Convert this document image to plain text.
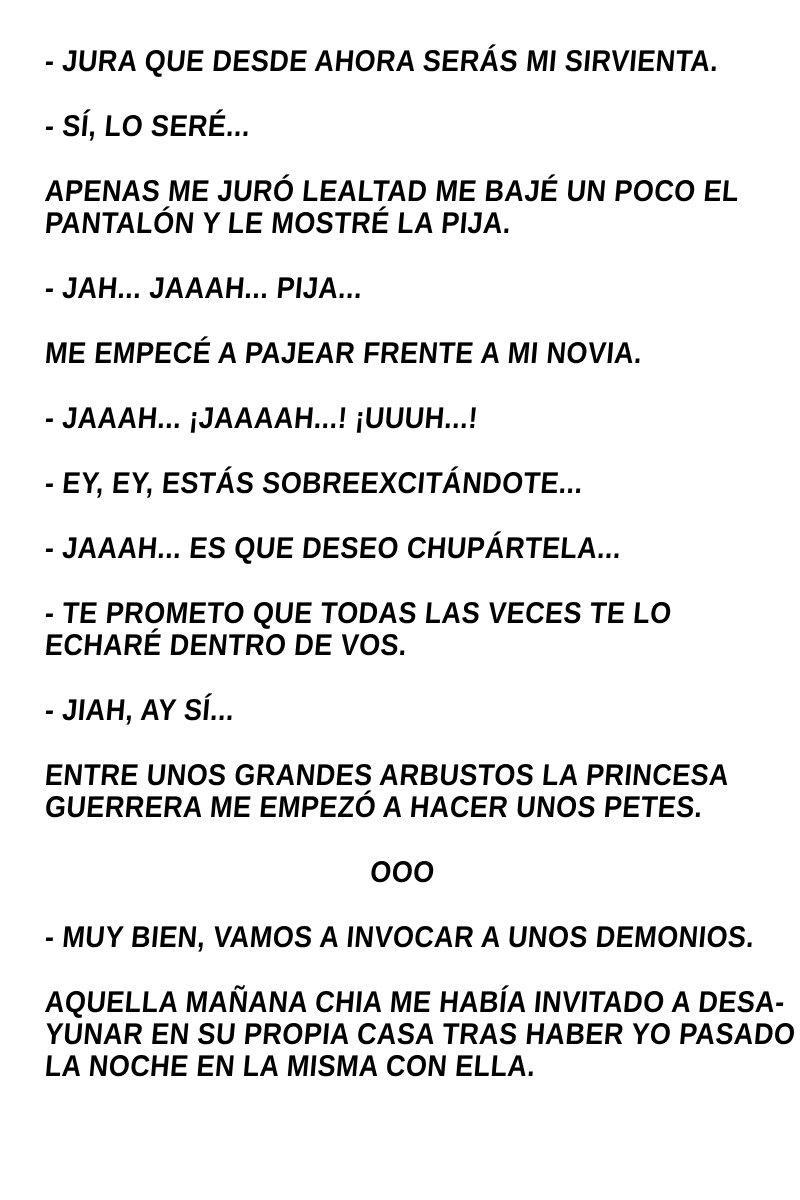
- JURA QUE DESDE AHORA SERÁS MI SIRVIENTA.

- SÍ, LO SERÉ...

APENAS ME JURÓ LEALTAD ME BAJÉ UN POCO EL
PANTALÓN Y LE MOSTRÉ LA PIJA.

- JAH... JAAAH... PIJA...

ME EMPECÉ A PAJEAR FRENTE A MI NOVIA.

- JAAAH... ¡JAAAAH...! ¡UUUH...!

- EY, EY, ESTÁS SOBREEXCITÁNDOTE...

- JAAAH... ES QUE DESEO CHUPÁRTELA...

- TE PROMETO QUE TODAS LAS VECES TE LO
ECHARÉ DENTRO DE VOS.

- JIAH, AY SÍ...

ENTRE UNOS GRANDES ARBUSTOS LA PRINCESA
GUERRERA ME EMPEZÓ A HACER UNOS PETES.

OOO

- MUY BIEN, VAMOS A INVOCAR A UNOS DEMONIOS.

AQUELLA MAÑANA CHIA ME HABÍA INVITADO A DESA-
YUNAR EN SU PROPIA CASA TRAS HABER YO PASADO
LA NOCHE EN LA MISMA CON ELLA.
